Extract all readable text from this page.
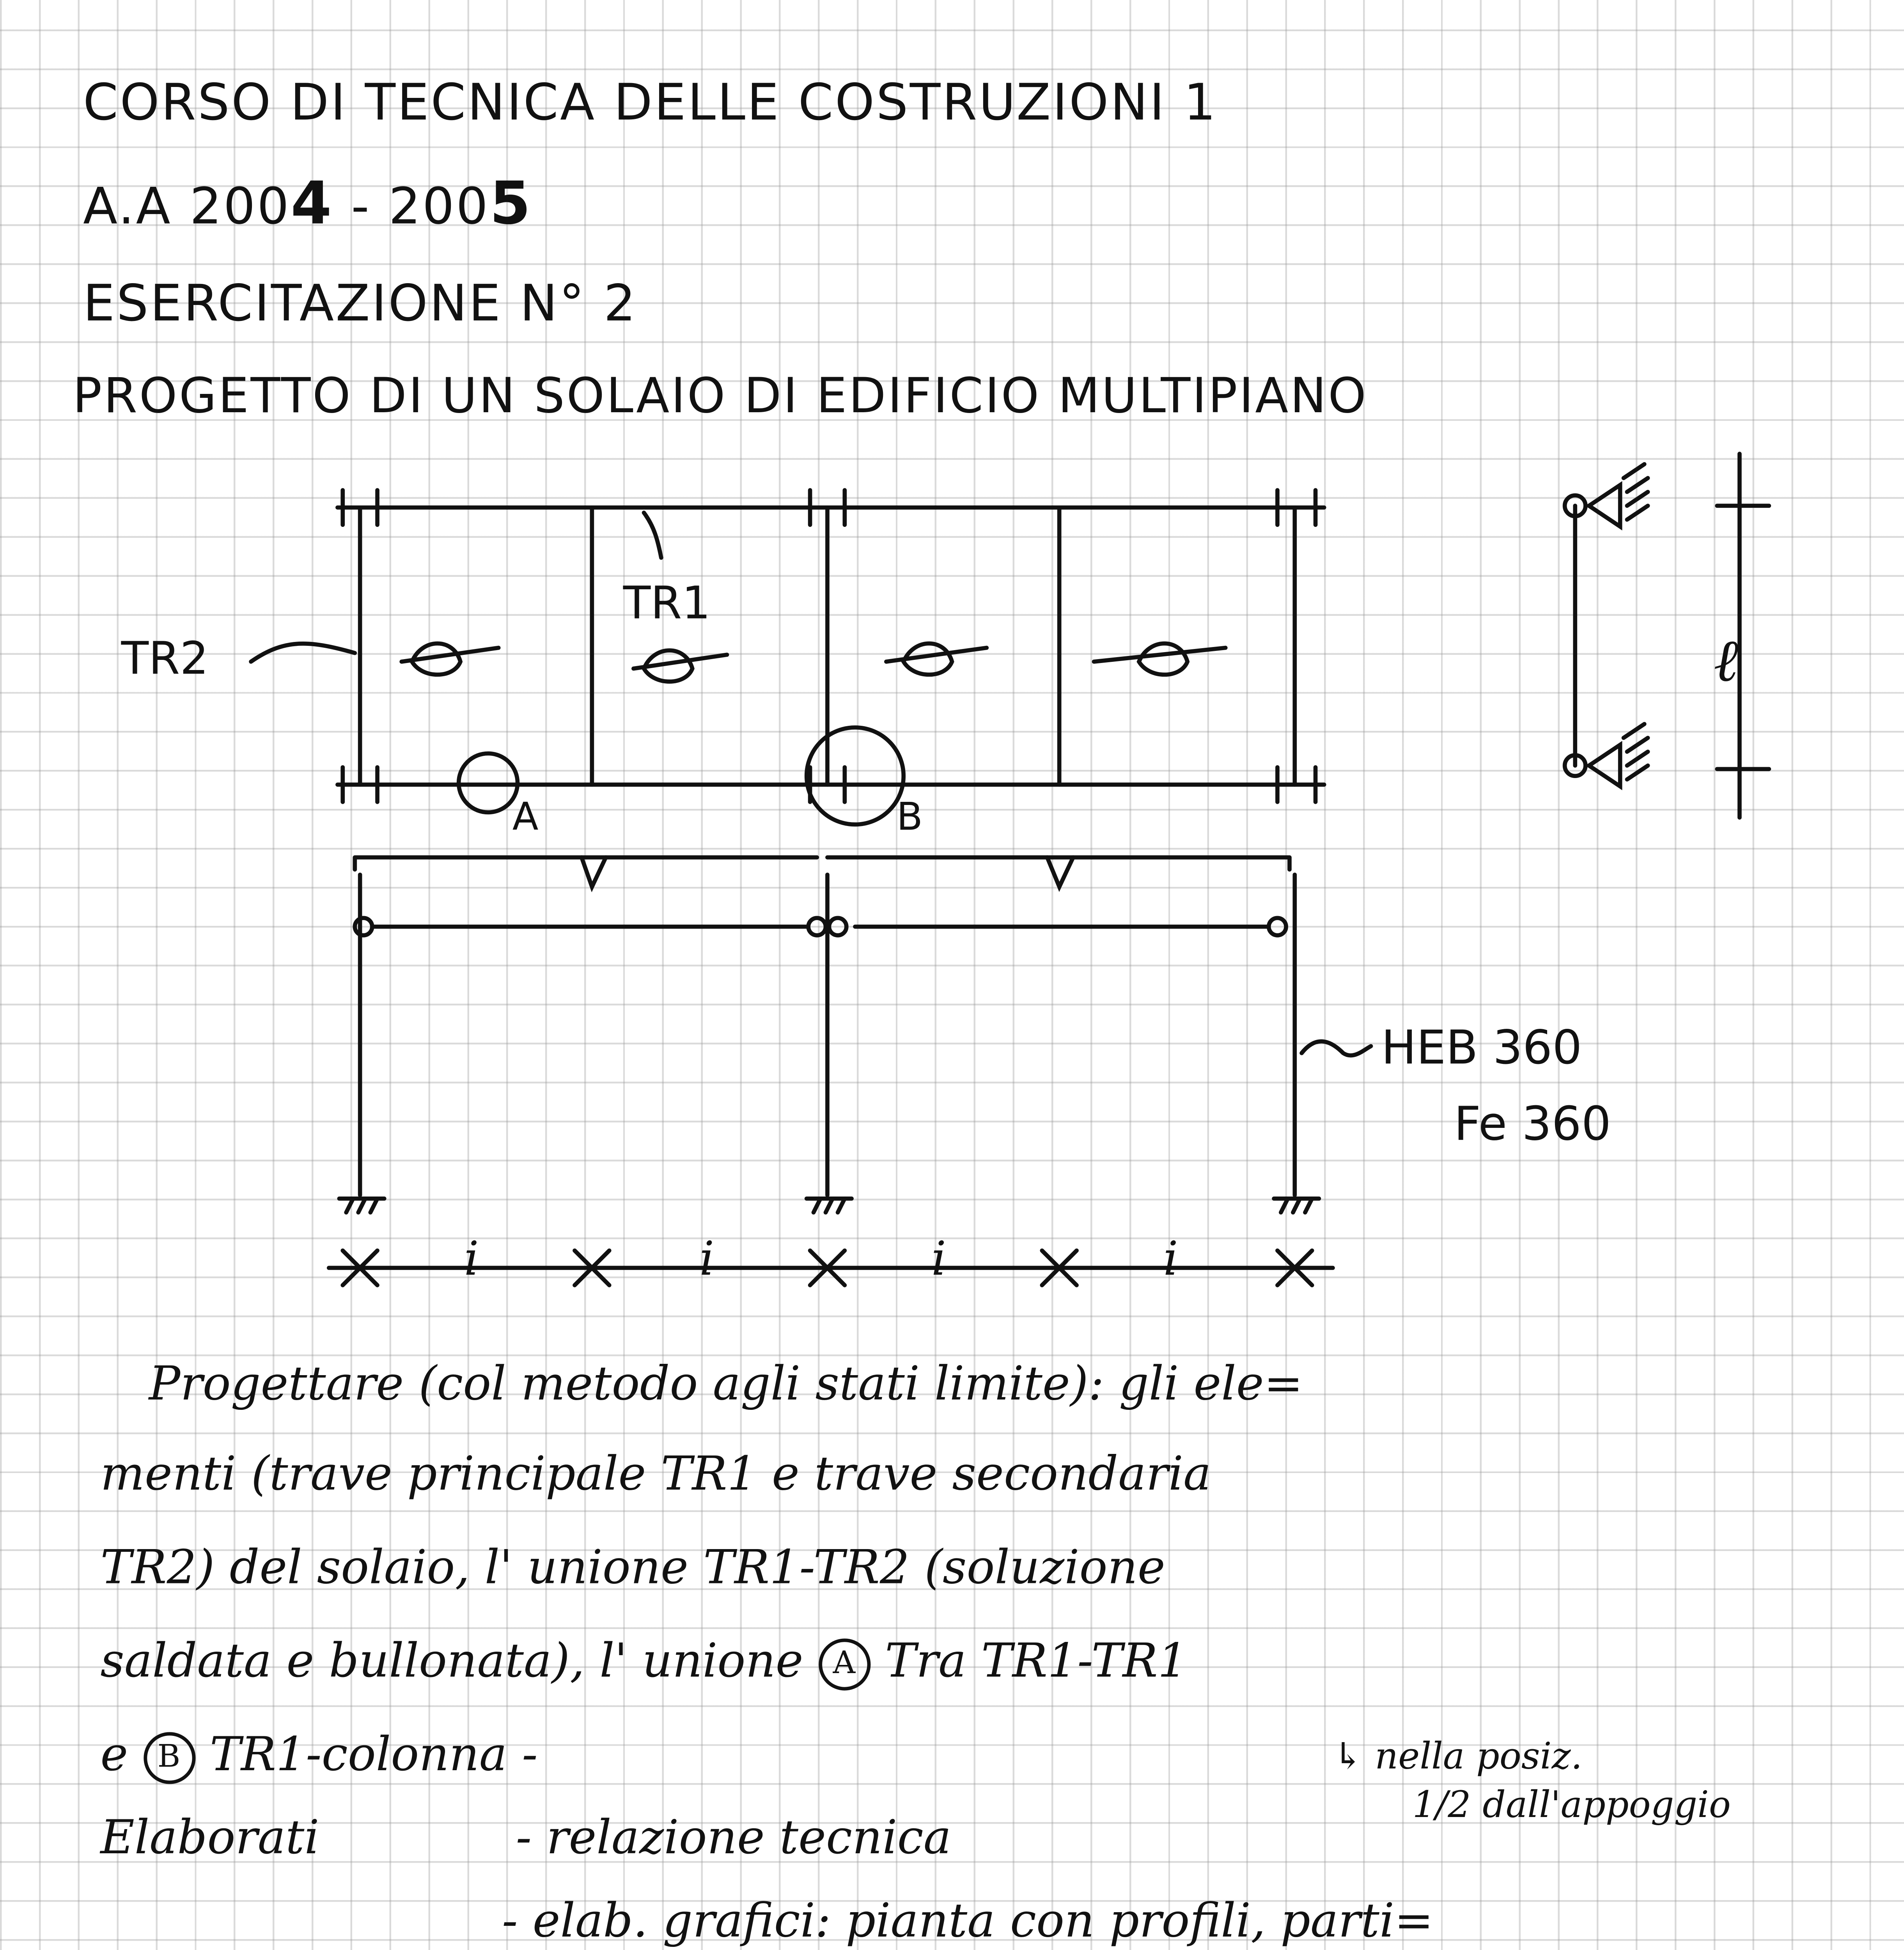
CORSO DI TECNICA DELLE COSTRUZIONI 1
A.A 2004 - 2005
ESERCITAZIONE N° 2
PROGETTO DI UN SOLAIO DI EDIFICIO MULTIPIANO
TR1
TR2
A	B
ℓ
i	i	i	i
HEB 360
Fe 360
Progettare (col metodo agli stati limite): gli ele=
menti (trave principale TR1 e trave secondaria
TR2) del solaio, l' unione TR1-TR2 (soluzione
saldata e bullonata), l' unione	A	Tra TR1-TR1
e	B	TR1-colonna -	↳ nella posiz.
1/2 dall'appoggio
Elaborati	- relazione tecnica
- elab. grafici: pianta con profili, parti=
